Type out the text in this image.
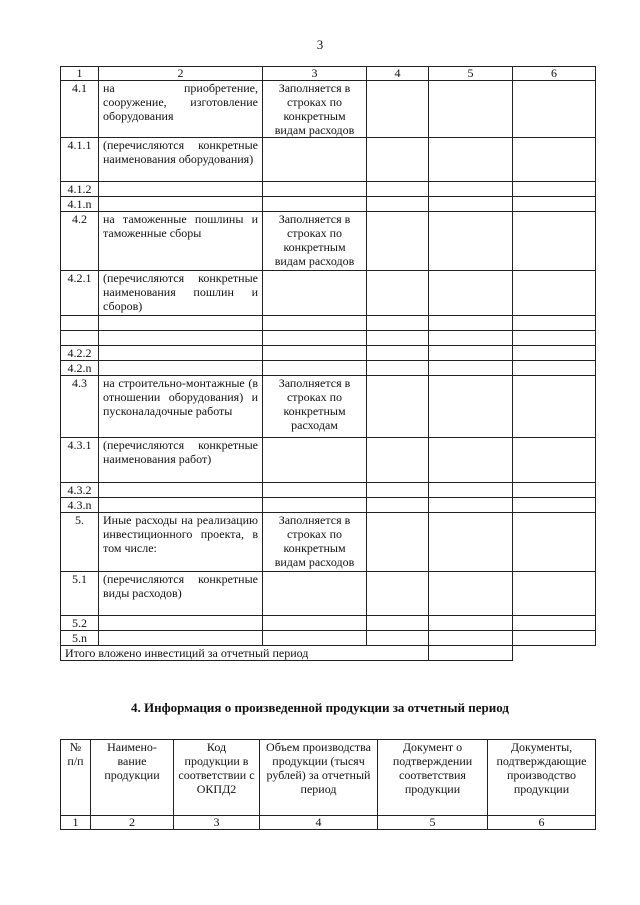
3
1	2	3	4	5	6
4.1	на приобретение, сооружение, изготовление оборудования	Заполняется в строках по конкретным видам расходов			
4.1.1	(перечисляются конкретные наименования оборудования)				
4.1.2					
4.1.n					
4.2	на таможенные пошлины и таможенные сборы	Заполняется в строках по конкретным видам расходов			
4.2.1	(перечисляются конкретные наименования пошлин и сборов)				

4.2.2					
4.2.n					
4.3	на строительно-монтажные (в отношении оборудования) и пусконаладочные работы	Заполняется в строках по конкретным расходам			
4.3.1	(перечисляются конкретные наименования работ)				
4.3.2					
4.3.n					
5.	Иные расходы на реализацию инвестиционного проекта, в том числе:	Заполняется в строках по конкретным видам расходов			
5.1	(перечисляются конкретные виды расходов)				
5.2					
5.n					
Итого вложено инвестиций за отчетный период					
4. Информация о произведенной продукции за отчетный период
№ п/п	Наимено-вание продукции	Код продукции в соответствии с ОКПД2	Объем производства продукции (тысяч рублей) за отчетный период	Документ о подтверждении соответствия продукции	Документы, подтверждающие производство продукции
1	2	3	4	5	6
